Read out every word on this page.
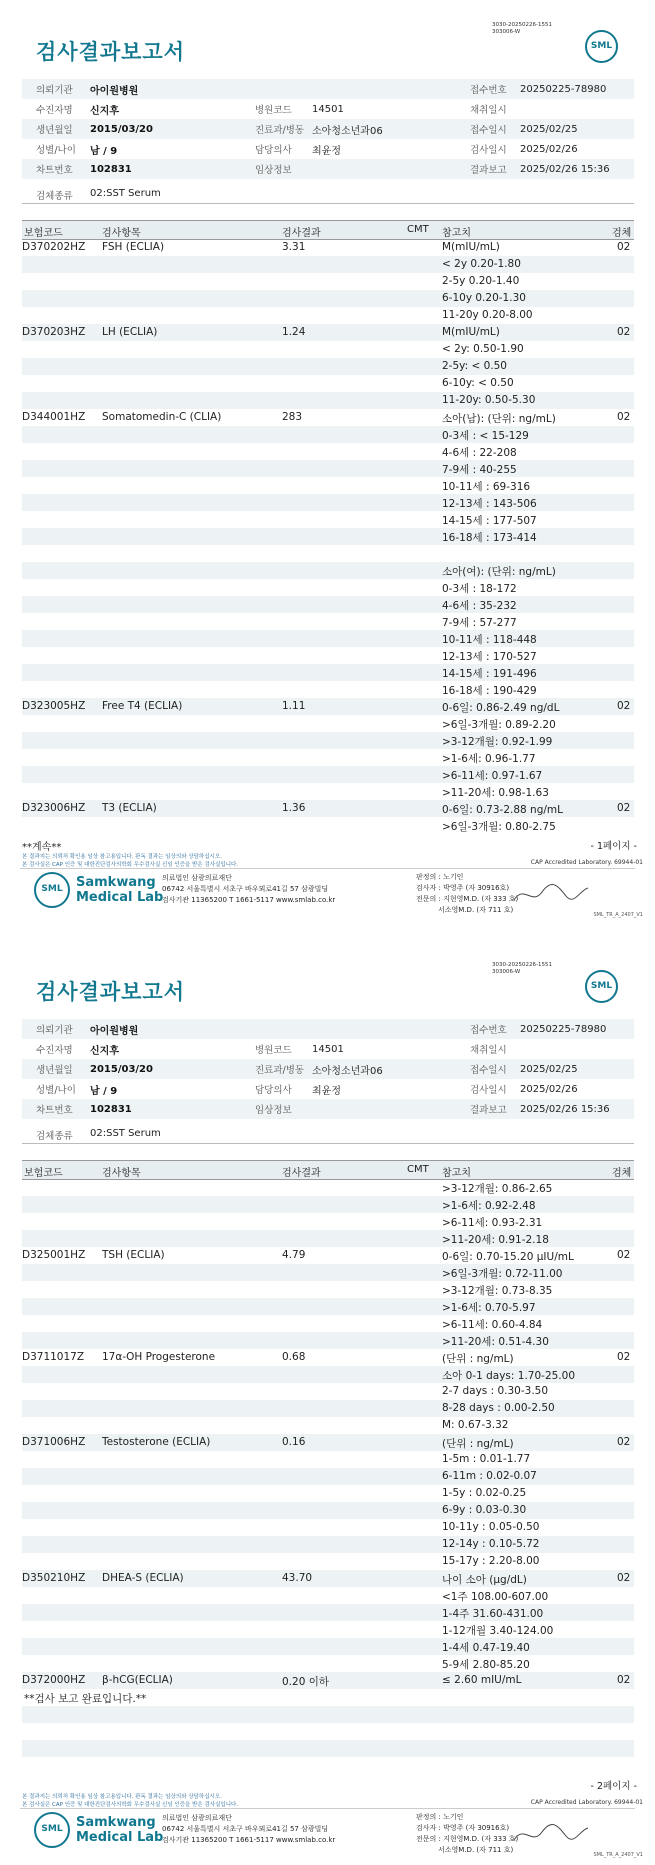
3030-20250226-1551
303006-W
검사결과보고서	SML
의뢰기관 아이원병원	접수번호 20250225-78980
수진자명 신지후	병원코드 14501	채취일시
생년월일 2015/03/20	진료과/병동 소아청소년과06	접수일시 2025/02/25
성별/나이 남 / 9	담당의사 최윤정	검사일시 2025/02/26
차트번호 102831	임상정보	결과보고 2025/02/26 15:36
검체종류 02:SST Serum
보험코드	검사항목	검사결과	CMT 참고치	검체
D370202HZ FSH (ECLIA)	3.31	M(mIU/mL)	02
< 2y 0.20-1.80
2-5y 0.20-1.40
6-10y 0.20-1.30
11-20y 0.20-8.00
D370203HZ LH (ECLIA)	1.24	M(mIU/mL)	02
< 2y: 0.50-1.90
2-5y: < 0.50
6-10y: < 0.50
11-20y: 0.50-5.30
D344001HZ Somatomedin-C (CLIA)	283	소아(남): (단위: ng/mL)	02
0-3세 : < 15-129
4-6세 : 22-208
7-9세 : 40-255
10-11세 : 69-316
12-13세 : 143-506
14-15세 : 177-507
16-18세 : 173-414
소아(여): (단위: ng/mL)
0-3세 : 18-172
4-6세 : 35-232
7-9세 : 57-277
10-11세 : 118-448
12-13세 : 170-527
14-15세 : 191-496
16-18세 : 190-429
D323005HZ Free T4 (ECLIA)	1.11	0-6일: 0.86-2.49 ng/dL	02
>6일-3개월: 0.89-2.20
>3-12개월: 0.92-1.99
>1-6세: 0.96-1.77
>6-11세: 0.97-1.67
>11-20세: 0.98-1.63
D323006HZ T3 (ECLIA)	1.36	0-6일: 0.73-2.88 ng/mL	02
>6일-3개월: 0.80-2.75
**계속**	- 1페이지 -
본 결과지는 의뢰처 확인용 임상 참고용입니다. 판독 결과는 임상의와 상담하십시오.
본 검사실은 CAP 인증 및 대한진단검사의학회 우수검사실 신임 인증을 받은 검사실입니다.	CAP Accredited Laboratory. 69944-01
SML	Samkwang
Medical Lab
의료법인 삼광의료재단
06742 서울특별시 서초구 바우뫼로41길 57 삼광빌딩
검사기관 11365200 T 1661-5117 www.smlab.co.kr
판정의 : 노기인
검사자 : 박영주 (자 30916호)
전문의 : 지현영M.D. (자 333 호)
서소영M.D. (자 711 호)
SML_TR_A_2407_V1
3030-20250226-1551
303006-W
검사결과보고서	SML
의뢰기관 아이원병원	접수번호 20250225-78980
수진자명 신지후	병원코드 14501	채취일시
생년월일 2015/03/20	진료과/병동 소아청소년과06	접수일시 2025/02/25
성별/나이 남 / 9	담당의사 최윤정	검사일시 2025/02/26
차트번호 102831	임상정보	결과보고 2025/02/26 15:36
검체종류 02:SST Serum
보험코드	검사항목	검사결과	CMT 참고치	검체
>3-12개월: 0.86-2.65
>1-6세: 0.92-2.48
>6-11세: 0.93-2.31
>11-20세: 0.91-2.18
D325001HZ TSH (ECLIA)	4.79	0-6일: 0.70-15.20 μIU/mL	02
>6일-3개월: 0.72-11.00
>3-12개월: 0.73-8.35
>1-6세: 0.70-5.97
>6-11세: 0.60-4.84
>11-20세: 0.51-4.30
D3711017Z 17α-OH Progesterone	0.68	(단위 : ng/mL)	02
소아 0-1 days: 1.70-25.00
2-7 days : 0.30-3.50
8-28 days : 0.00-2.50
M: 0.67-3.32
D371006HZ Testosterone (ECLIA)	0.16	(단위 : ng/mL)	02
1-5m : 0.01-1.77
6-11m : 0.02-0.07
1-5y : 0.02-0.25
6-9y : 0.03-0.30
10-11y : 0.05-0.50
12-14y : 0.10-5.72
15-17y : 2.20-8.00
D350210HZ DHEA-S (ECLIA)	43.70	나이 소아 (μg/dL)	02
<1주 108.00-607.00
1-4주 31.60-431.00
1-12개월 3.40-124.00
1-4세 0.47-19.40
5-9세 2.80-85.20
D372000HZ β-hCG(ECLIA)	0.20 이하	≤ 2.60 mIU/mL	02
**검사 보고 완료입니다.**
- 2페이지 -
본 결과지는 의뢰처 확인용 임상 참고용입니다. 판독 결과는 임상의와 상담하십시오.
본 검사실은 CAP 인증 및 대한진단검사의학회 우수검사실 신임 인증을 받은 검사실입니다.	CAP Accredited Laboratory. 69944-01
SML	Samkwang
Medical Lab
의료법인 삼광의료재단
06742 서울특별시 서초구 바우뫼로41길 57 삼광빌딩
검사기관 11365200 T 1661-5117 www.smlab.co.kr
판정의 : 노기인
검사자 : 박영주 (자 30916호)
전문의 : 지현영M.D. (자 333 호)
서소영M.D. (자 711 호)
SML_TR_A_2407_V1
